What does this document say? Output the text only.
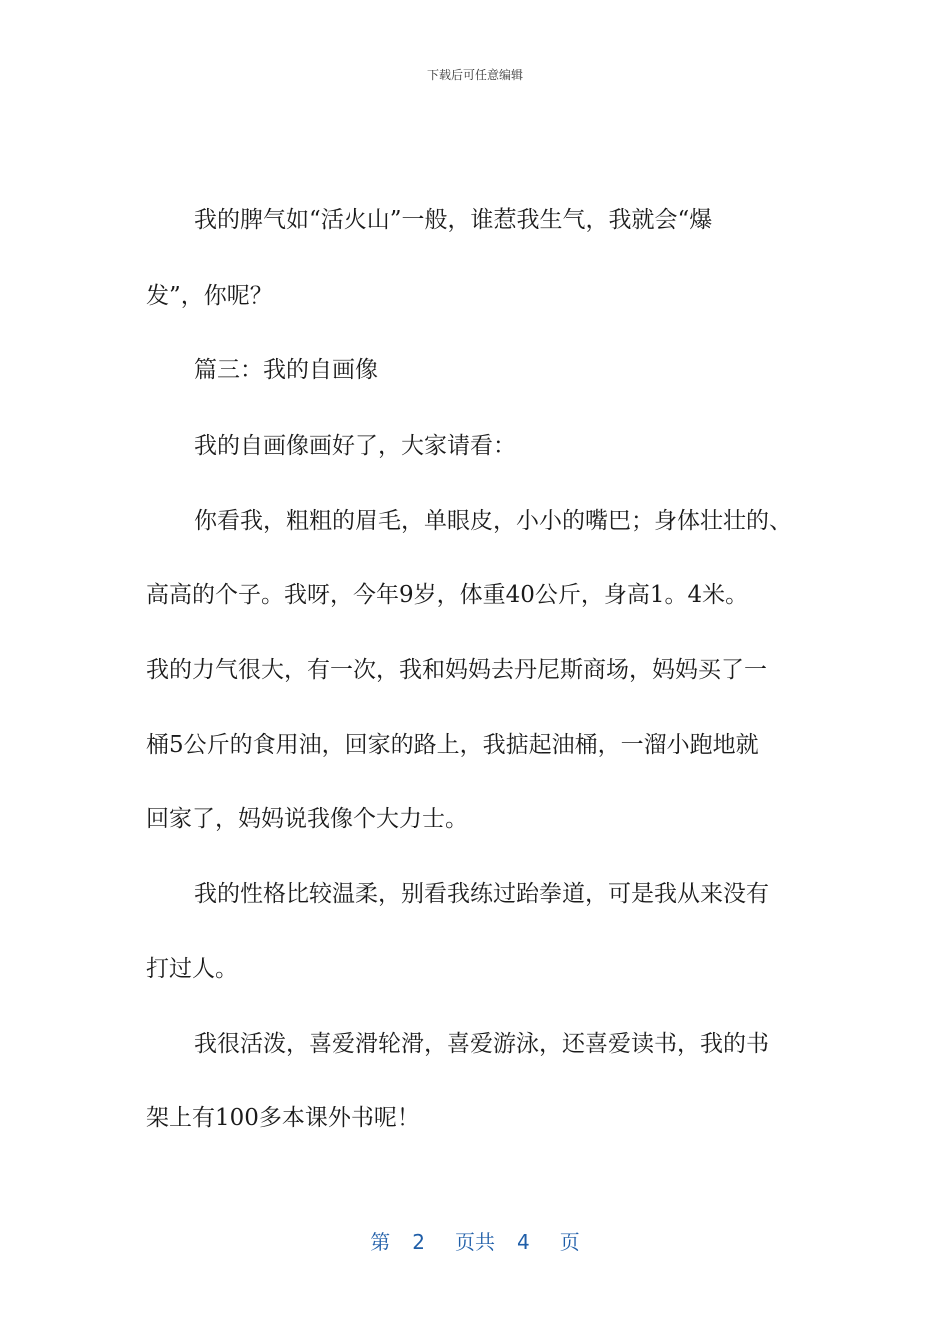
下载后可任意编辑
我的脾气如“活火山”一般，谁惹我生气，我就会“爆
发”，你呢？
篇三：我的自画像
我的自画像画好了，大家请看：
你看我，粗粗的眉毛，单眼皮，小小的嘴巴；身体壮壮的、
高高的个子。我呀，今年9岁，体重40公斤，身高1。4米。
我的力气很大，有一次，我和妈妈去丹尼斯商场，妈妈买了一
桶5公斤的食用油，回家的路上，我掂起油桶，一溜小跑地就
回家了，妈妈说我像个大力士。
我的性格比较温柔，别看我练过跆拳道，可是我从来没有
打过人。
我很活泼，喜爱滑轮滑，喜爱游泳，还喜爱读书，我的书
架上有100多本课外书呢！
第 2 页共 4 页
